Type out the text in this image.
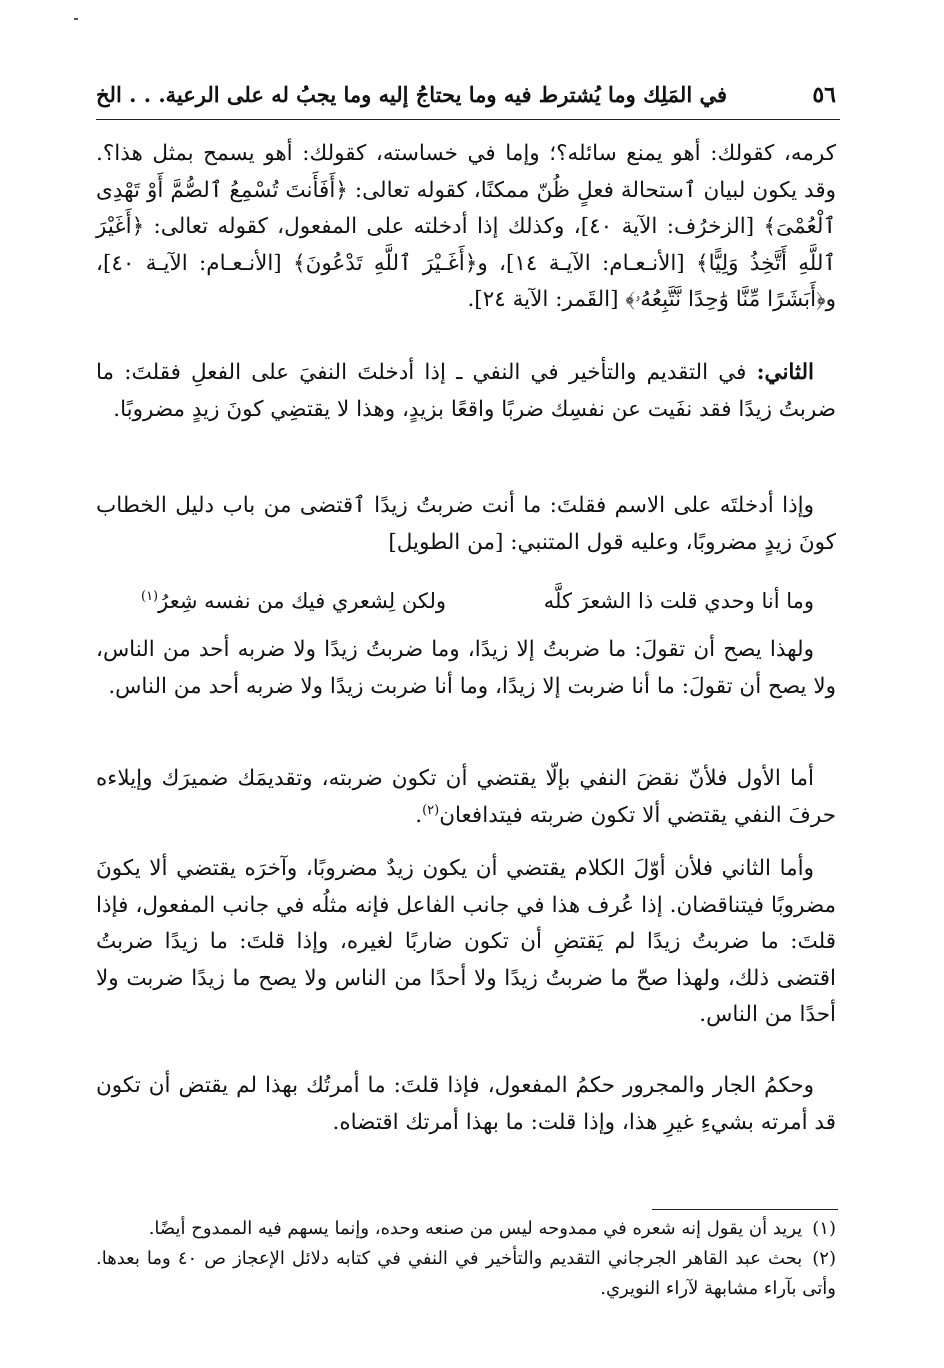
٥٦
في المَلِك وما يُشترط فيه وما يحتاجُ إليه وما يجبُ له على الرعية. . . الخ

كرمه، كقولك: أهو يمنع سائله؟؛ وإما في خساسته، كقولك: أهو يسمح بمثل هذا؟. وقد يكون لبيان ٱستحالة فعلٍ ظُنّ ممكنًا، كقوله تعالى: ﴿أَفَأَنتَ تُسْمِعُ ٱلصُّمَّ أَوْ تَهْدِى ٱلْعُمْىَ﴾ [الزخرُف: الآية ٤٠]، وكذلك إذا أدخلته على المفعول، كقوله تعالى: ﴿أَغَيْرَ ٱللَّهِ أَتَّخِذُ وَلِيًّا﴾ [الأنـعـام: الآيـة ١٤]، و﴿أَغَـيْرَ ٱللَّهِ تَدْعُونَ﴾ [الأنـعـام: الآيـة ٤٠]، و﴿أَبَشَرًا مِّنَّا وَٰحِدًا نَّتَّبِعُهُۥ﴾ [القَمر: الآية ٢٤].

الثاني: في التقديم والتأخير في النفي ـ إذا أدخلتَ النفيَ على الفعلِ فقلتَ: ما ضربتُ زيدًا فقد نفَيت عن نفسِك ضربًا واقعًا بزيدٍ، وهذا لا يقتضِي كونَ زيدٍ مضروبًا.

وإذا أدخلتَه على الاسم فقلتَ: ما أنت ضربتُ زيدًا ٱقتضى من باب دليل الخطاب كونَ زيدٍ مضروبًا، وعليه قول المتنبي: [من الطويل]

وما أنا وحدي قلت ذا الشعرَ كلَّه
ولكن لِشعري فيك من نفسه شِعرُ$^{(١)}$

ولهذا يصح أن تقولَ: ما ضربتُ إلا زيدًا، وما ضربتُ زيدًا ولا ضربه أحد من الناس، ولا يصح أن تقولَ: ما أنا ضربت إلا زيدًا، وما أنا ضربت زيدًا ولا ضربه أحد من الناس.

أما الأول فلأنّ نقضَ النفي بإلّا يقتضي أن تكون ضربته، وتقديمَك ضميرَك وإيلاءه حرفَ النفي يقتضي ألا تكون ضربته فيتدافعان$^{(٢)}$.

وأما الثاني فلأن أوّلَ الكلام يقتضي أن يكون زيدٌ مضروبًا، وآخرَه يقتضي ألا يكونَ مضروبًا فيتناقضان. إذا عُرف هذا في جانب الفاعل فإنه مثلُه في جانب المفعول، فإذا قلتَ: ما ضربتُ زيدًا لم يَقتضِ أن تكون ضاربًا لغيره، وإذا قلتَ: ما زيدًا ضربتُ اقتضى ذلك، ولهذا صحّ ما ضربتُ زيدًا ولا أحدًا من الناس ولا يصح ما زيدًا ضربت ولا أحدًا من الناس.

وحكمُ الجار والمجرور حكمُ المفعول، فإذا قلتَ: ما أمرتُك بهذا لم يقتض أن تكون قد أمرته بشيءِ غيرِ هذا، وإذا قلت: ما بهذا أمرتك اقتضاه.

(١)يريد أن يقول إنه شعره في ممدوحه ليس من صنعه وحده، وإنما يسهم فيه الممدوح أيضًا.

(٢)بحث عبد القاهر الجرجاني التقديم والتأخير في النفي في كتابه دلائل الإعجاز ص ٤٠ وما بعدها. وأتى بآراء مشابهة لآراء النويري.
